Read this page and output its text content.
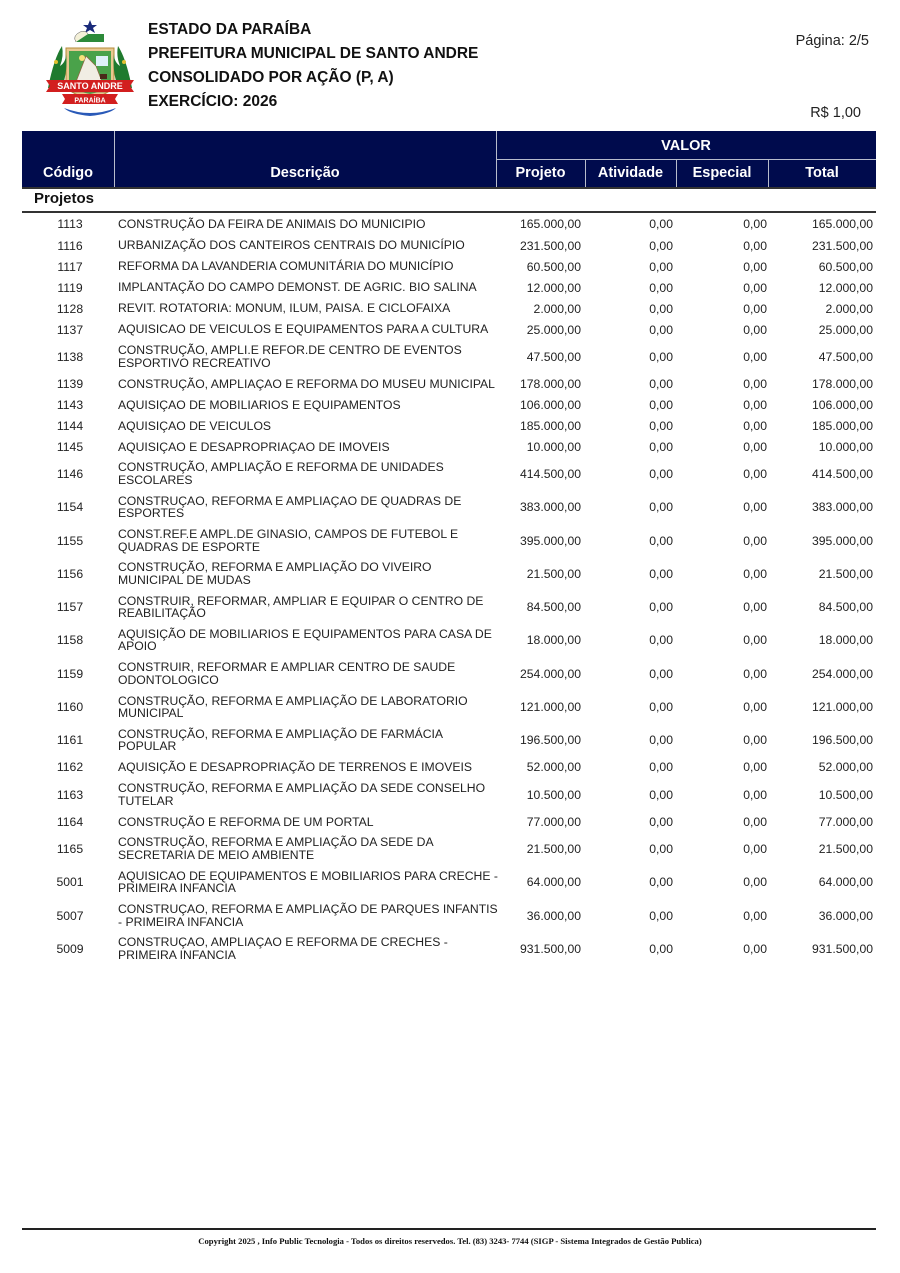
SANTO ANDRE
PARAÍBA
ESTADO DA PARAÍBA
PREFEITURA MUNICIPAL DE SANTO ANDRE
CONSOLIDADO POR AÇÃO (P, A)
EXERCÍCIO: 2026
Página: 2/5
R$ 1,00
Código	Descrição
VALOR
Projeto	Atividade	Especial	Total
Projetos
1113	CONSTRUÇÃO DA FEIRA DE ANIMAIS DO MUNICIPIO	165.000,00	0,00	0,00	165.000,00
1116	URBANIZAÇÃO DOS CANTEIROS CENTRAIS DO MUNICÍPIO	231.500,00	0,00	0,00	231.500,00
1117	REFORMA DA LAVANDERIA COMUNITÁRIA DO MUNICÍPIO	60.500,00	0,00	0,00	60.500,00
1119	IMPLANTAÇÃO DO CAMPO DEMONST. DE AGRIC. BIO SALINA	12.000,00	0,00	0,00	12.000,00
1128	REVIT. ROTATORIA: MONUM, ILUM, PAISA. E CICLOFAIXA	2.000,00	0,00	0,00	2.000,00
1137	AQUISICAO DE VEICULOS E EQUIPAMENTOS PARA A CULTURA	25.000,00	0,00	0,00	25.000,00
1138	CONSTRUÇÃO, AMPLI.E REFOR.DE CENTRO DE EVENTOS ESPORTIVO RECREATIVO	47.500,00	0,00	0,00	47.500,00
1139	CONSTRUÇÃO, AMPLIAÇAO E REFORMA DO MUSEU MUNICIPAL	178.000,00	0,00	0,00	178.000,00
1143	AQUISIÇAO DE MOBILIARIOS E EQUIPAMENTOS	106.000,00	0,00	0,00	106.000,00
1144	AQUISIÇAO DE VEICULOS	185.000,00	0,00	0,00	185.000,00
1145	AQUISIÇAO E DESAPROPRIAÇAO DE IMOVEIS	10.000,00	0,00	0,00	10.000,00
1146	CONSTRUÇÃO, AMPLIAÇÃO E REFORMA DE UNIDADES ESCOLARES	414.500,00	0,00	0,00	414.500,00
1154	CONSTRUÇAO, REFORMA E AMPLIAÇAO DE QUADRAS DE ESPORTES	383.000,00	0,00	0,00	383.000,00
1155	CONST.REF.E AMPL.DE GINASIO, CAMPOS DE FUTEBOL E QUADRAS DE ESPORTE	395.000,00	0,00	0,00	395.000,00
1156	CONSTRUÇÃO, REFORMA E AMPLIAÇÃO DO VIVEIRO MUNICIPAL DE MUDAS	21.500,00	0,00	0,00	21.500,00
1157	CONSTRUIR, REFORMAR, AMPLIAR E EQUIPAR O CENTRO DE REABILITAÇÃO	84.500,00	0,00	0,00	84.500,00
1158	AQUISIÇÃO DE MOBILIARIOS E EQUIPAMENTOS PARA CASA DE APOIO	18.000,00	0,00	0,00	18.000,00
1159	CONSTRUIR, REFORMAR E AMPLIAR CENTRO DE SAUDE ODONTOLOGICO	254.000,00	0,00	0,00	254.000,00
1160	CONSTRUÇÃO, REFORMA E AMPLIAÇÃO DE LABORATORIO MUNICIPAL	121.000,00	0,00	0,00	121.000,00
1161	CONSTRUÇÃO, REFORMA E AMPLIAÇÃO DE FARMÁCIA POPULAR	196.500,00	0,00	0,00	196.500,00
1162	AQUISIÇÃO E DESAPROPRIAÇÃO DE TERRENOS E IMOVEIS	52.000,00	0,00	0,00	52.000,00
1163	CONSTRUÇÃO, REFORMA E AMPLIAÇÃO DA SEDE CONSELHO TUTELAR	10.500,00	0,00	0,00	10.500,00
1164	CONSTRUÇÃO E REFORMA DE UM PORTAL	77.000,00	0,00	0,00	77.000,00
1165	CONSTRUÇÃO, REFORMA E AMPLIAÇÃO DA SEDE DA SECRETARIA DE MEIO AMBIENTE	21.500,00	0,00	0,00	21.500,00
5001	AQUISICAO DE EQUIPAMENTOS E MOBILIARIOS PARA CRECHE - PRIMEIRA INFANCIA	64.000,00	0,00	0,00	64.000,00
5007	CONSTRUÇAO, REFORMA E AMPLIAÇÃO DE PARQUES INFANTIS - PRIMEIRA INFANCIA	36.000,00	0,00	0,00	36.000,00
5009	CONSTRUÇAO, AMPLIAÇAO E REFORMA DE CRECHES - PRIMEIRA INFANCIA	931.500,00	0,00	0,00	931.500,00
Copyright 2025 , Info Public Tecnologia - Todos os direitos reservedos. Tel. (83) 3243- 7744 (SIGP - Sistema Integrados de Gestão Publica)
